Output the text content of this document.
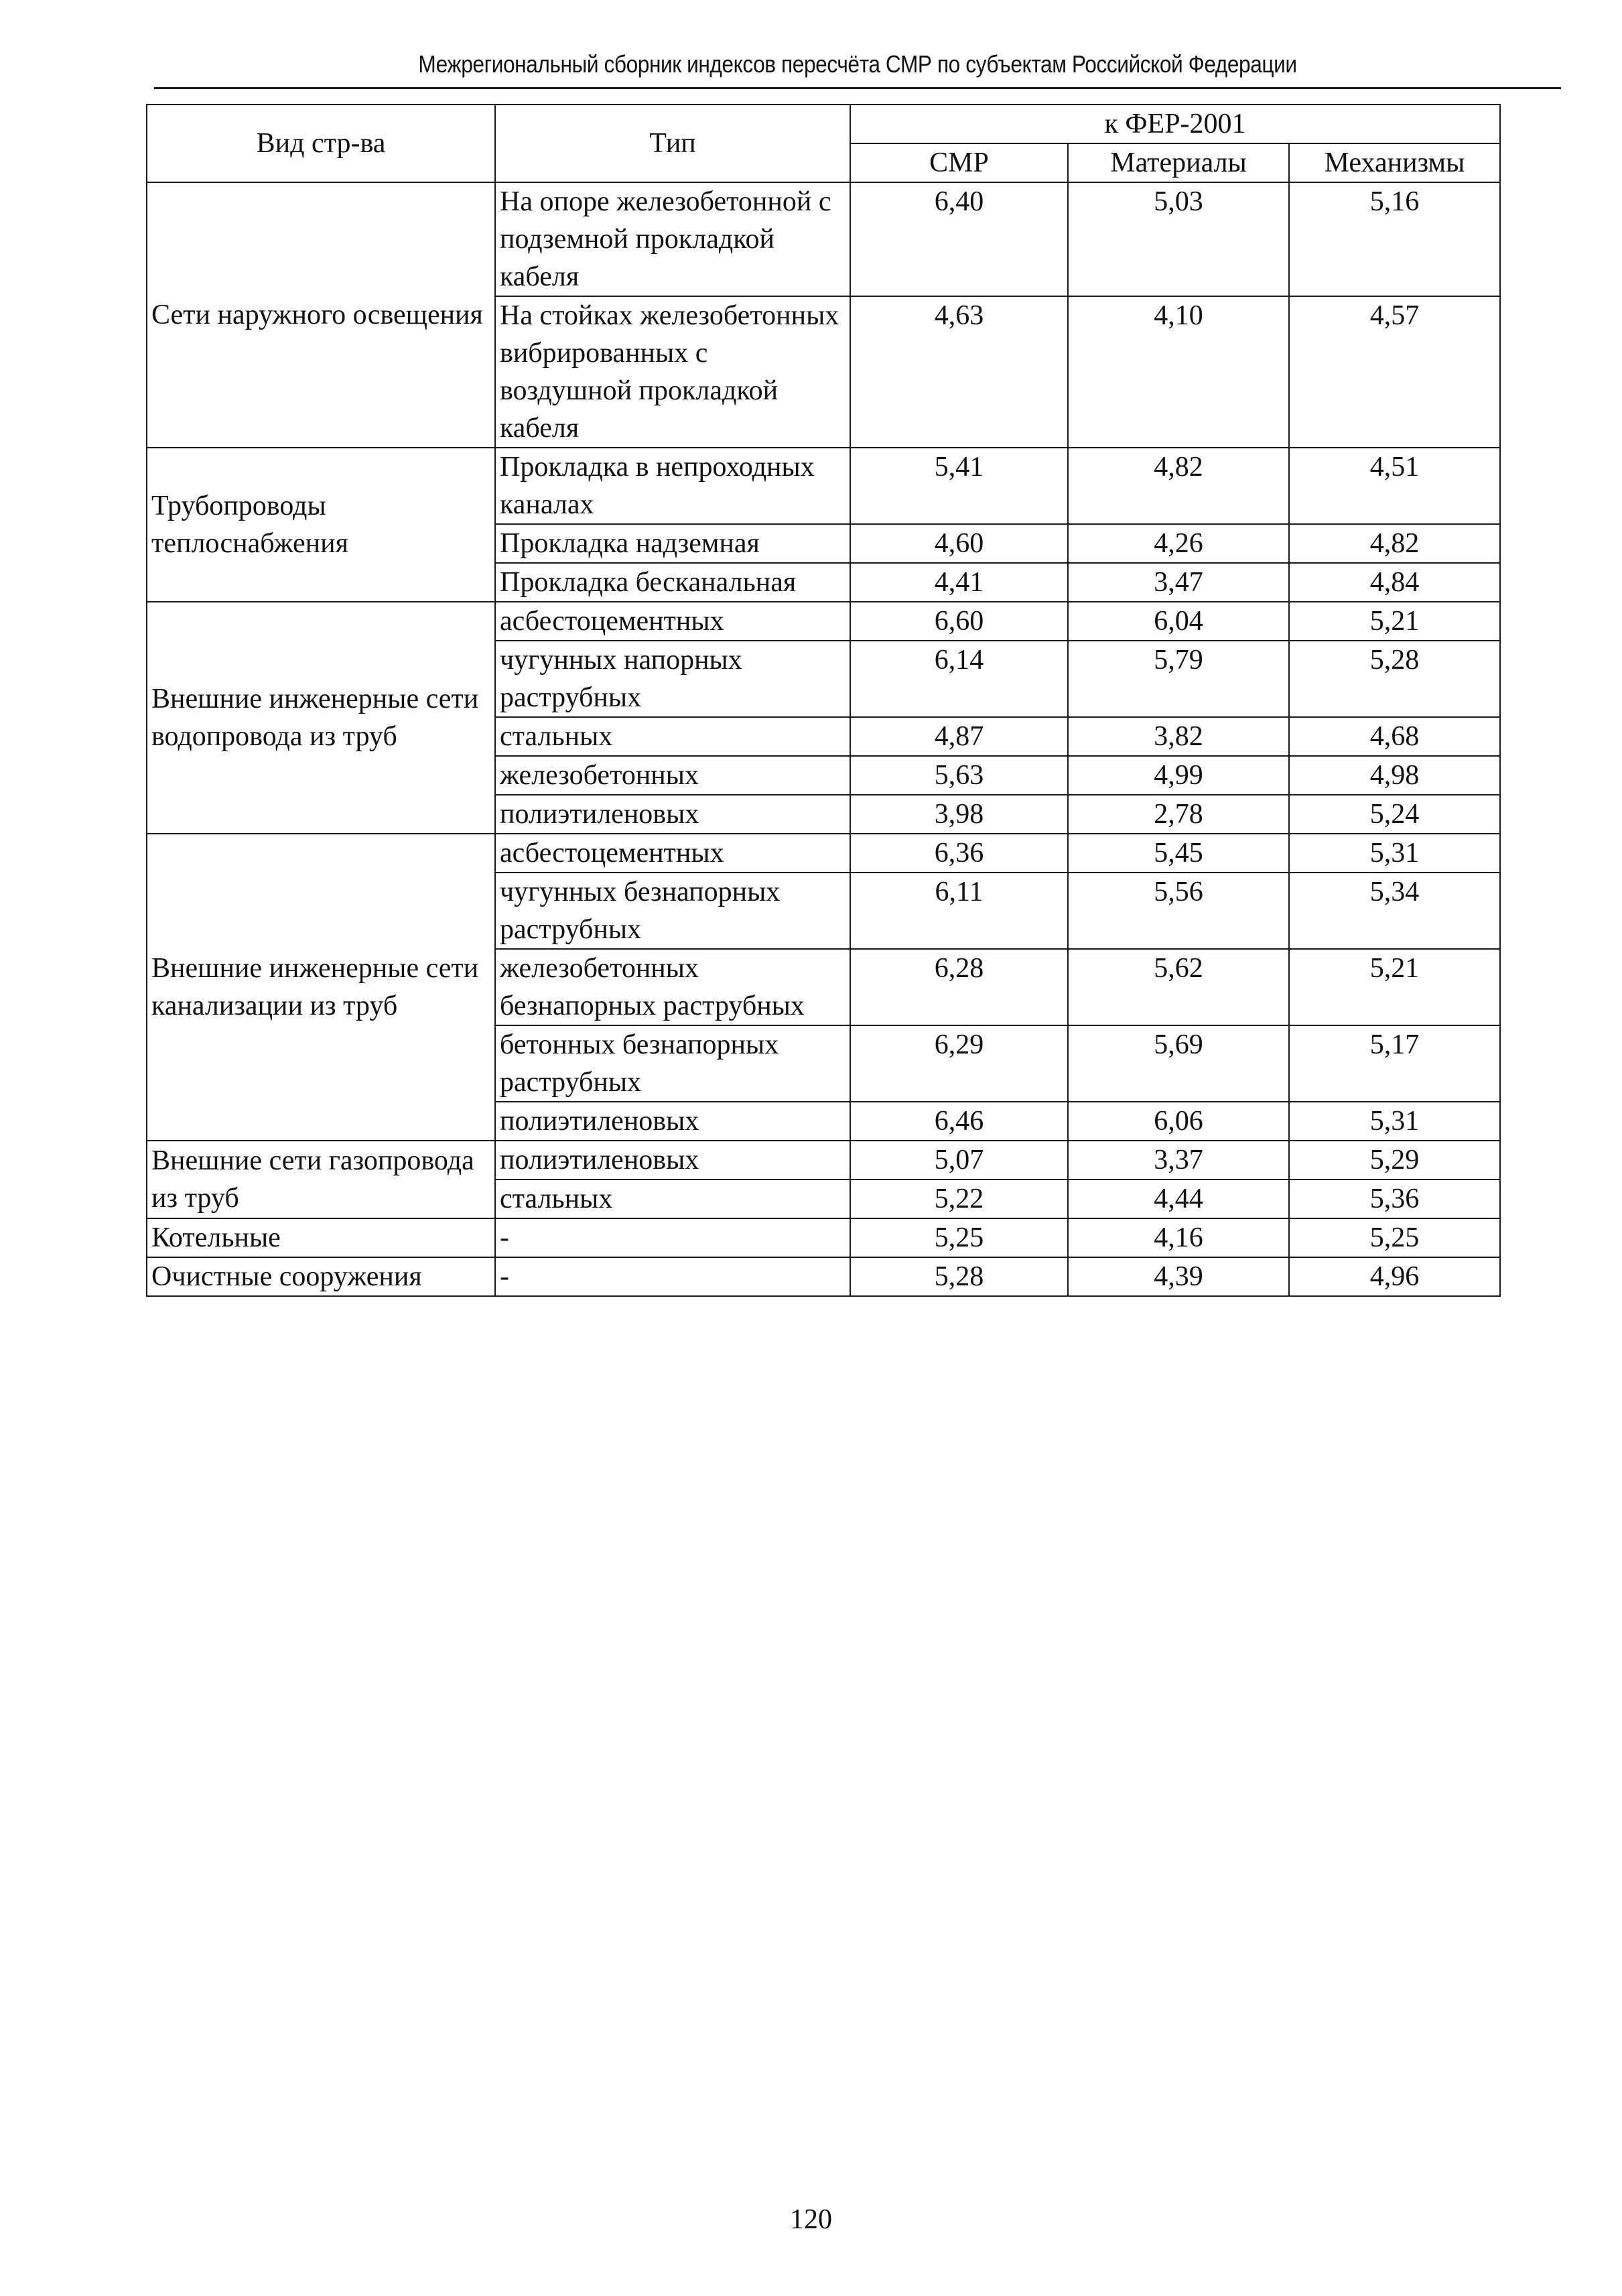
Межрегиональный сборник индексов пересчёта СМР по субъектам Российской Федерации
Вид стр-ва	Тип	к ФЕР-2001		
		СМР	Материалы	Механизмы
Сети наружного освещения	На опоре железобетонной с подземной прокладкой кабеля	6,40	5,03	5,16
	На стойках железобетонных вибрированных с воздушной прокладкой кабеля	4,63	4,10	4,57
Трубопроводы теплоснабжения	Прокладка в непроходных каналах	5,41	4,82	4,51
	Прокладка надземная	4,60	4,26	4,82
	Прокладка бесканальная	4,41	3,47	4,84
Внешние инженерные сети водопровода из труб	асбестоцементных	6,60	6,04	5,21
	чугунных напорных раструбных	6,14	5,79	5,28
	стальных	4,87	3,82	4,68
	железобетонных	5,63	4,99	4,98
	полиэтиленовых	3,98	2,78	5,24
Внешние инженерные сети канализации из труб	асбестоцементных	6,36	5,45	5,31
	чугунных безнапорных раструбных	6,11	5,56	5,34
	железобетонных безнапорных раструбных	6,28	5,62	5,21
	бетонных безнапорных раструбных	6,29	5,69	5,17
	полиэтиленовых	6,46	6,06	5,31
Внешние сети газопровода из труб	полиэтиленовых	5,07	3,37	5,29
	стальных	5,22	4,44	5,36
Котельные	-	5,25	4,16	5,25
Очистные сооружения	-	5,28	4,39	4,96
120
